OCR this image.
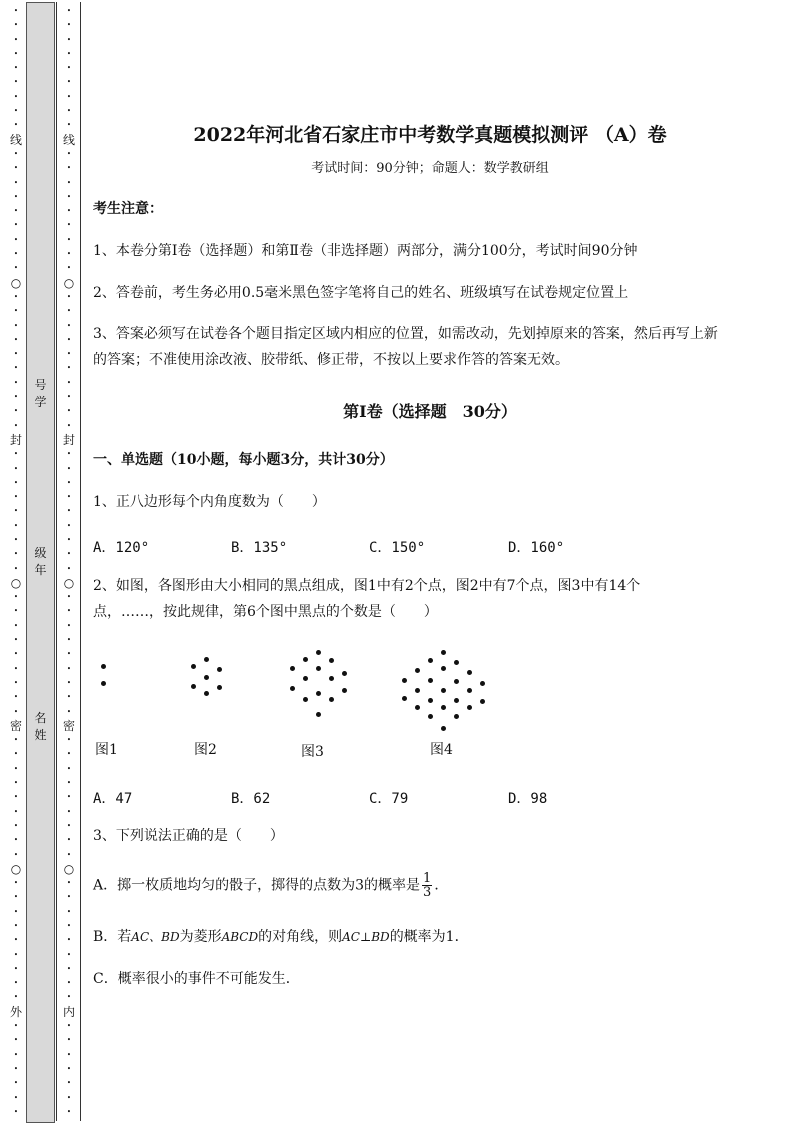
•
•
•
•
•
•
•
•
•
线
•
•
•
•
•
•
•
•
•
○
•
•
•
•
•
•
•
•
•
•
封
•
•
•
•
•
•
•
•
•
○
•
•
•
•
•
•
•
•
•
密
•
•
•
•
•
•
•
•
•
○
•
•
•
•
•
•
•
•
•
外
•
•
•
•
•
•
•
•
•
•
•
•
•
•
•
•
线
•
•
•
•
•
•
•
•
•
○
•
•
•
•
•
•
•
•
•
•
封
•
•
•
•
•
•
•
•
•
○
•
•
•
•
•
•
•
•
•
密
•
•
•
•
•
•
•
•
•
○
•
•
•
•
•
•
•
•
•
内
•
•
•
•
•
•
•
号
学
级
年
名
姓
2022年河北省石家庄市中考数学真题模拟测评 （A）卷
考试时间：90分钟；命题人：数学教研组
考生注意：
1、本卷分第I卷（选择题）和第Ⅱ卷（非选择题）两部分，满分100分，考试时间90分钟
2、答卷前，考生务必用0.5毫米黑色签字笔将自己的姓名、班级填写在试卷规定位置上
3、答案必须写在试卷各个题目指定区域内相应的位置，如需改动，先划掉原来的答案，然后再写上新
的答案；不准使用涂改液、胶带纸、修正带，不按以上要求作答的答案无效。
第I卷（选择题　30分）
一、单选题（10小题，每小题3分，共计30分）
1、正八边形每个内角度数为（　　）
A．120°	B．135°	C．150°	D．160°
2、如图，各图形由大小相同的黑点组成，图1中有2个点，图2中有7个点，图3中有14个
点，……，按此规律，第6个图中黑点的个数是（　　）
图1	图2	图3	图4
A．47	B．62	C．79	D．98
3、下列说法正确的是（　　）
A．掷一枚质地均匀的骰子，掷得的点数为3的概率是 $\frac{1}{3}$ ．
B．若AC、BD为菱形ABCD的对角线，则AC⊥BD的概率为1．
C．概率很小的事件不可能发生．
